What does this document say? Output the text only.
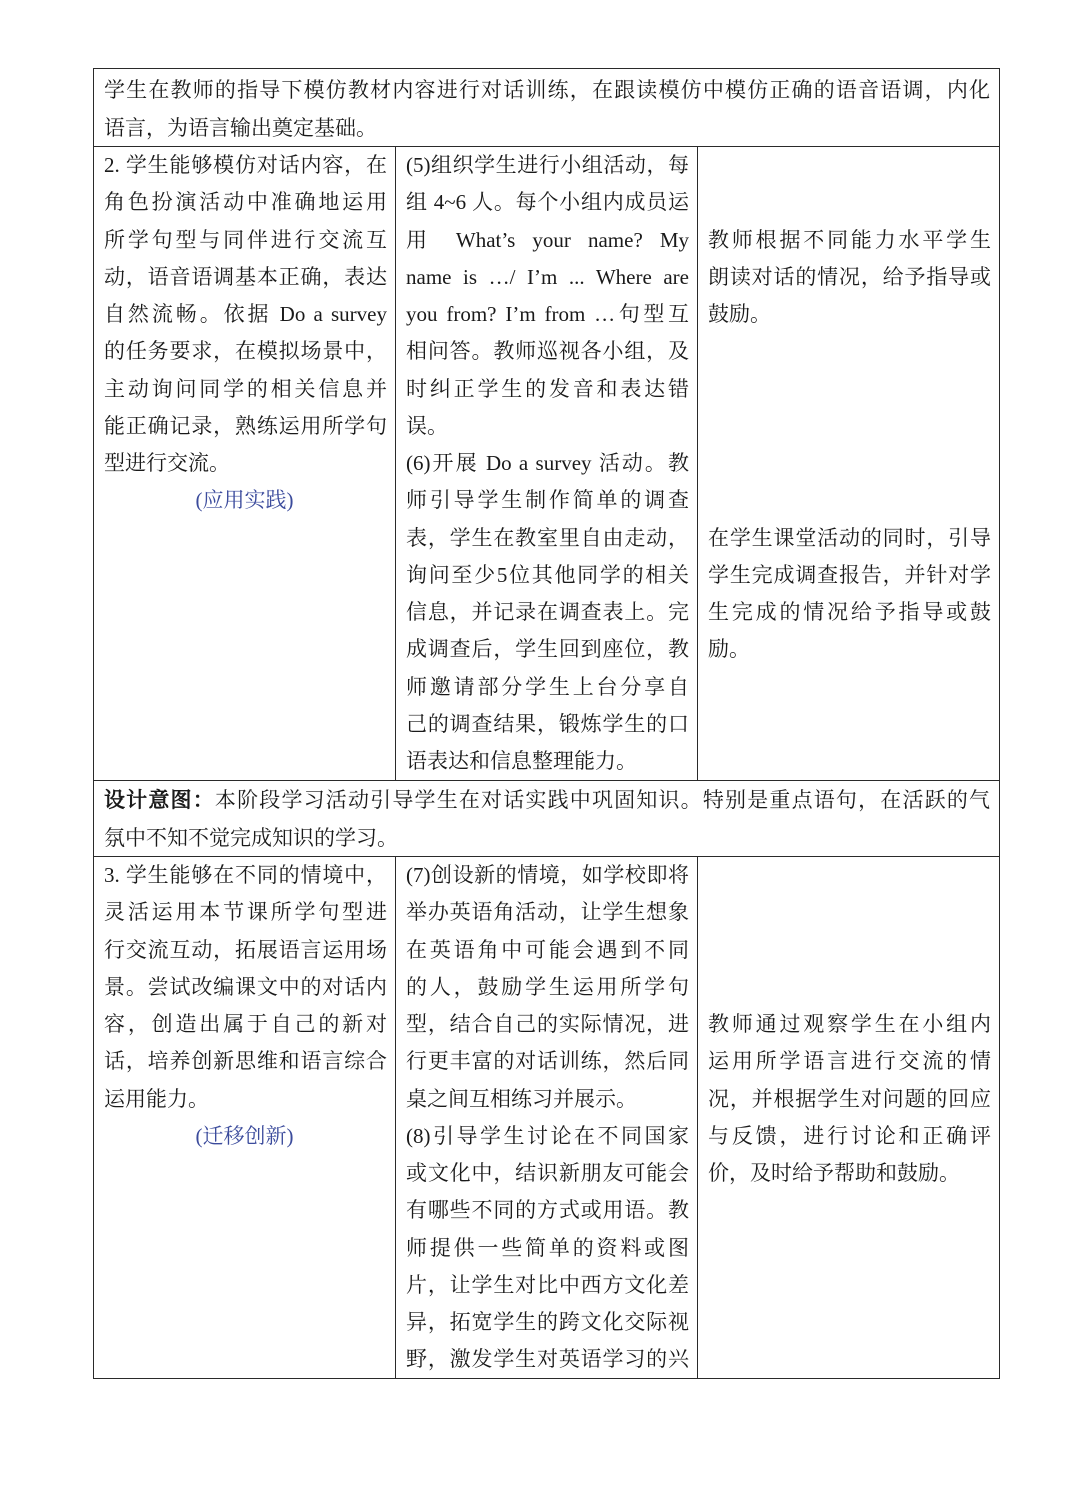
学生在教师的指导下模仿教材内容进行对话训练，在跟读模仿中模仿正确的语音语调，内化
语言，为语言输出奠定基础。
2. 学生能够模仿对话内容，在
角色扮演活动中准确地运用
所学句型与同伴进行交流互
动，语音语调基本正确，表达
自然流畅。依据 Do a survey
的任务要求，在模拟场景中，
主动询问同学的相关信息并
能正确记录，熟练运用所学句
型进行交流。
(应用实践)
(5)组织学生进行小组活动，每
组 4~6 人。每个小组内成员运
用 What’s your name? My
name is …/ I’m ... Where are
you from? I’m from …句型互
相问答。教师巡视各小组，及
时纠正学生的发音和表达错
误。
(6)开展 Do a survey 活动。教
师引导学生制作简单的调查
表，学生在教室里自由走动，
询问至少5位其他同学的相关
信息，并记录在调查表上。完
成调查后，学生回到座位，教
师邀请部分学生上台分享自
己的调查结果，锻炼学生的口
语表达和信息整理能力。
教师根据不同能力水平学生
朗读对话的情况，给予指导或
鼓励。
在学生课堂活动的同时，引导
学生完成调查报告，并针对学
生完成的情况给予指导或鼓
励。
设计意图：本阶段学习活动引导学生在对话实践中巩固知识。特别是重点语句，在活跃的气
氛中不知不觉完成知识的学习。
3. 学生能够在不同的情境中，
灵活运用本节课所学句型进
行交流互动，拓展语言运用场
景。尝试改编课文中的对话内
容，创造出属于自己的新对
话，培养创新思维和语言综合
运用能力。
(迁移创新)
(7)创设新的情境，如学校即将
举办英语角活动，让学生想象
在英语角中可能会遇到不同
的人，鼓励学生运用所学句
型，结合自己的实际情况，进
行更丰富的对话训练，然后同
桌之间互相练习并展示。
(8)引导学生讨论在不同国家
或文化中，结识新朋友可能会
有哪些不同的方式或用语。教
师提供一些简单的资料或图
片，让学生对比中西方文化差
异，拓宽学生的跨文化交际视
野，激发学生对英语学习的兴
教师通过观察学生在小组内
运用所学语言进行交流的情
况，并根据学生对问题的回应
与反馈，进行讨论和正确评
价，及时给予帮助和鼓励。
